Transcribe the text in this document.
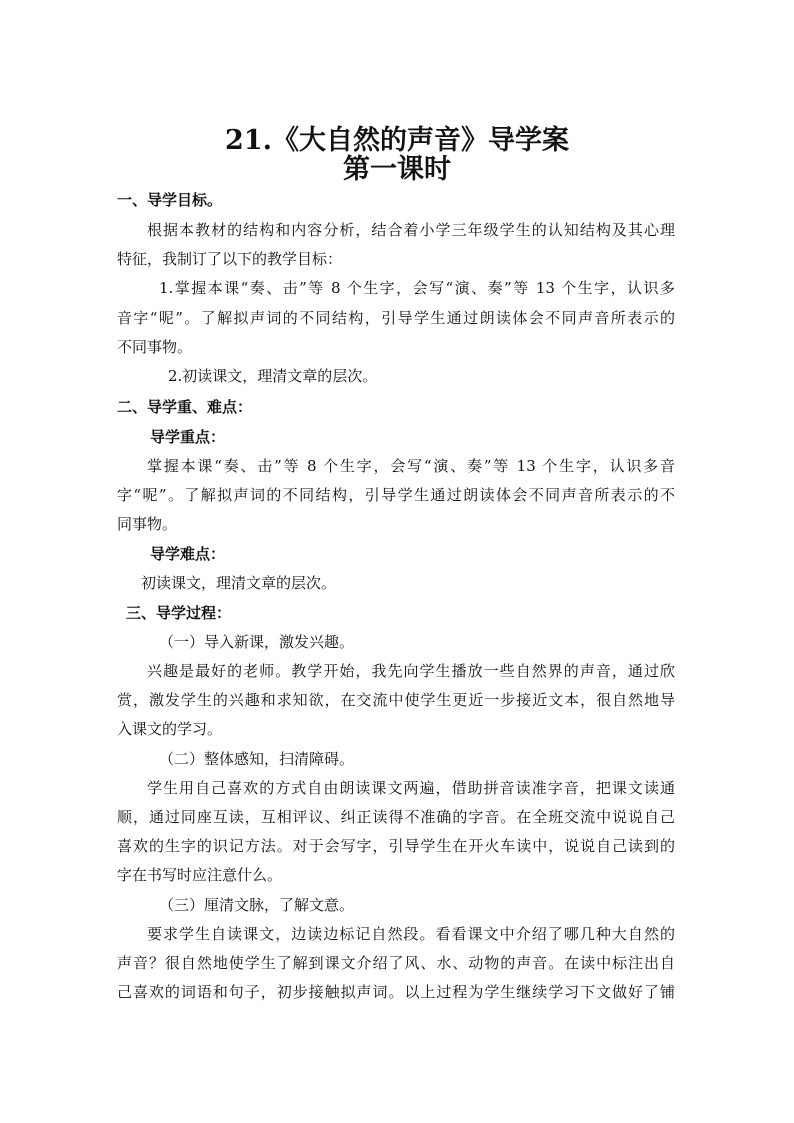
21.《大自然的声音》导学案
第一课时
一、导学目标。
根据本教材的结构和内容分析，结合着小学三年级学生的认知结构及其心理
特征，我制订了以下的教学目标：
1.掌握本课“奏、击”等 8 个生字，会写“演、奏”等 13 个生字，认识多
音字“呢”。了解拟声词的不同结构，引导学生通过朗读体会不同声音所表示的
不同事物。
2.初读课文，理清文章的层次。
二、导学重、难点：
导学重点：
掌握本课“奏、击”等 8 个生字，会写“演、奏”等 13 个生字，认识多音
字“呢”。了解拟声词的不同结构，引导学生通过朗读体会不同声音所表示的不
同事物。
导学难点：
初读课文，理清文章的层次。
三、导学过程：
（一）导入新课，激发兴趣。
兴趣是最好的老师。教学开始，我先向学生播放一些自然界的声音，通过欣
赏，激发学生的兴趣和求知欲，在交流中使学生更近一步接近文本，很自然地导
入课文的学习。
（二）整体感知，扫清障碍。
学生用自己喜欢的方式自由朗读课文两遍，借助拼音读准字音，把课文读通
顺，通过同座互读，互相评议、纠正读得不准确的字音。在全班交流中说说自己
喜欢的生字的识记方法。对于会写字，引导学生在开火车读中，说说自己读到的
字在书写时应注意什么。
（三）厘清文脉，了解文意。
要求学生自读课文，边读边标记自然段。看看课文中介绍了哪几种大自然的
声音？很自然地使学生了解到课文介绍了风、水、动物的声音。在读中标注出自
己喜欢的词语和句子，初步接触拟声词。以上过程为学生继续学习下文做好了铺
